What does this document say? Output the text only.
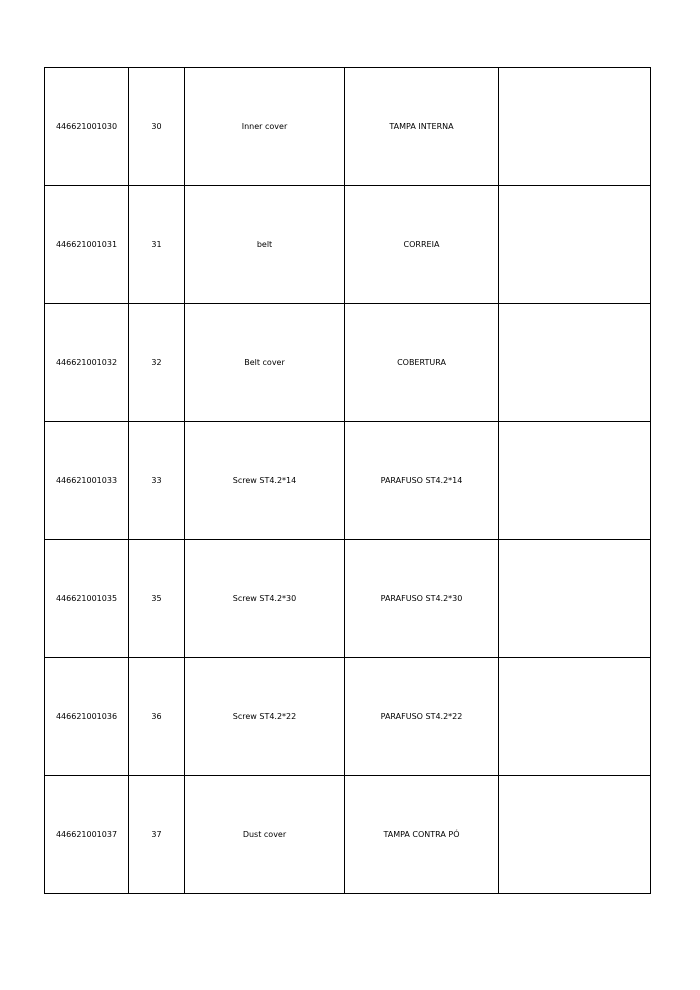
446621001030	30	Inner cover	TAMPA INTERNA	
446621001031	31	belt	CORREIA	
446621001032	32	Belt cover	COBERTURA	
446621001033	33	Screw ST4.2*14	PARAFUSO ST4.2*14	
446621001035	35	Screw ST4.2*30	PARAFUSO ST4.2*30	
446621001036	36	Screw ST4.2*22	PARAFUSO ST4.2*22	
446621001037	37	Dust cover	TAMPA CONTRA PÓ	
